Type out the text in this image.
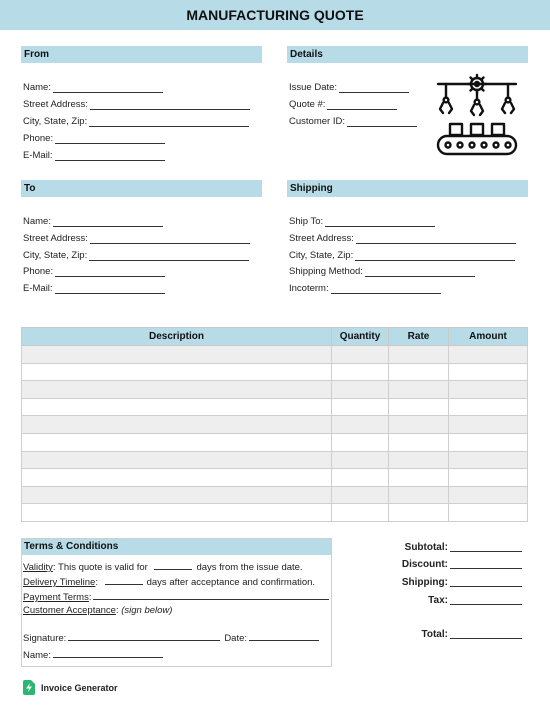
MANUFACTURING QUOTE
From	Details
To	Shipping
Name:
Street Address:
City, State, Zip:
Phone:
E-Mail:
Issue Date:
Quote #:
Customer ID:
Name:
Street Address:
City, State, Zip:
Phone:
E-Mail:
Ship To:
Street Address:
City, State, Zip:
Shipping Method:
Incoterm:
Description	Quantity	Rate	Amount

Terms & Conditions
Validity: This quote is valid for	days from the issue date.
Delivery Timeline:	days after acceptance and confirmation.
Payment Terms:
Customer Acceptance: (sign below)
Signature:	Date:
Name:
Subtotal:
Discount:
Shipping:
Tax:
Total:
Invoice Generator
